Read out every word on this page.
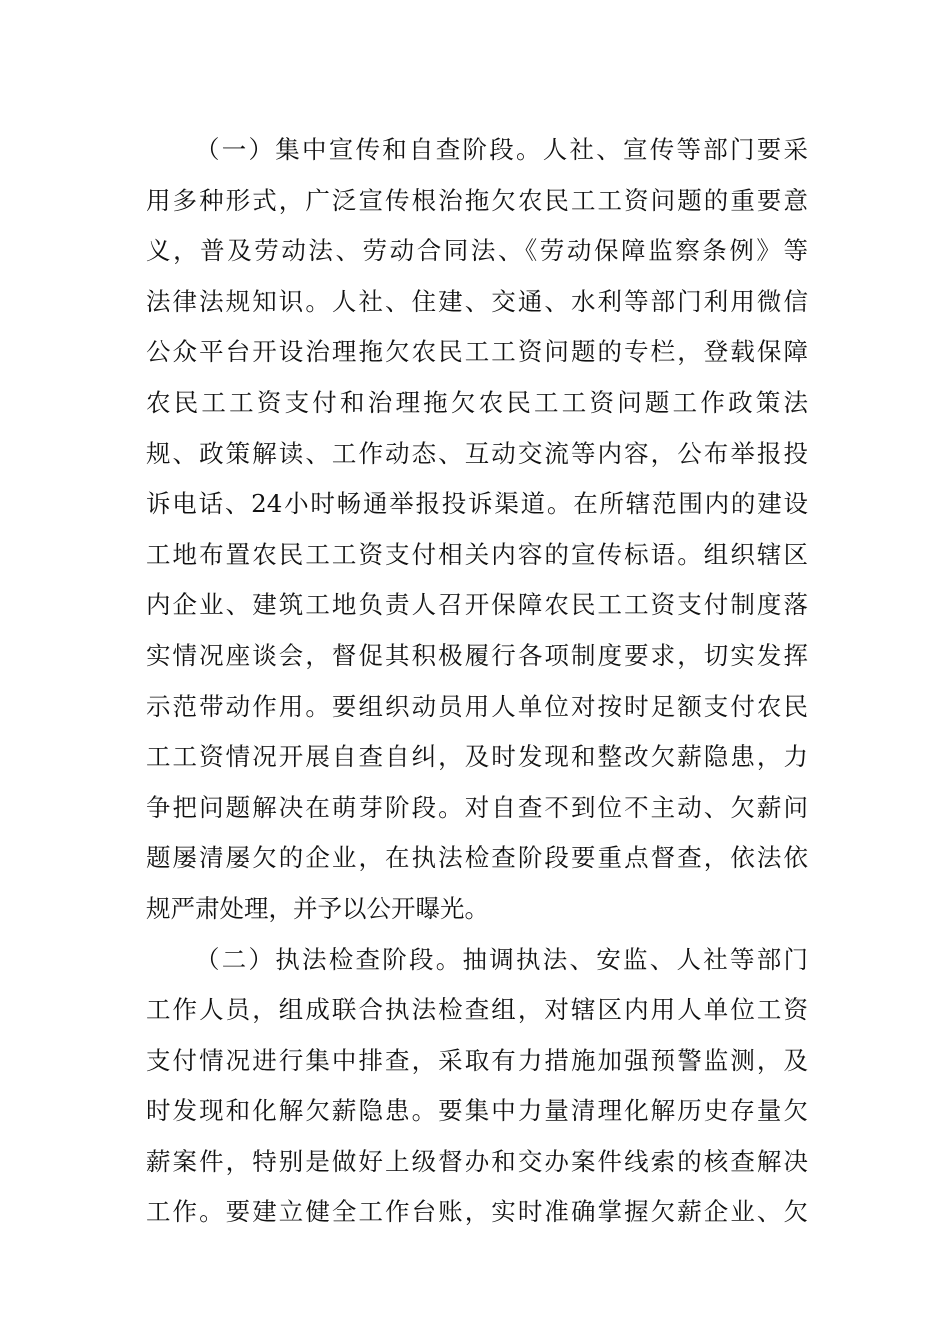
（一）集中宣传和自查阶段。人社、宣传等部门要采
用多种形式，广泛宣传根治拖欠农民工工资问题的重要意
义，普及劳动法、劳动合同法、《劳动保障监察条例》等
法律法规知识。人社、住建、交通、水利等部门利用微信
公众平台开设治理拖欠农民工工资问题的专栏，登载保障
农民工工资支付和治理拖欠农民工工资问题工作政策法
规、政策解读、工作动态、互动交流等内容，公布举报投
诉电话、24小时畅通举报投诉渠道。在所辖范围内的建设
工地布置农民工工资支付相关内容的宣传标语。组织辖区
内企业、建筑工地负责人召开保障农民工工资支付制度落
实情况座谈会，督促其积极履行各项制度要求，切实发挥
示范带动作用。要组织动员用人单位对按时足额支付农民
工工资情况开展自查自纠，及时发现和整改欠薪隐患，力
争把问题解决在萌芽阶段。对自查不到位不主动、欠薪问
题屡清屡欠的企业，在执法检查阶段要重点督查，依法依
规严肃处理，并予以公开曝光。
（二）执法检查阶段。抽调执法、安监、人社等部门
工作人员，组成联合执法检查组，对辖区内用人单位工资
支付情况进行集中排查，采取有力措施加强预警监测，及
时发现和化解欠薪隐患。要集中力量清理化解历史存量欠
薪案件，特别是做好上级督办和交办案件线索的核查解决
工作。要建立健全工作台账，实时准确掌握欠薪企业、欠
